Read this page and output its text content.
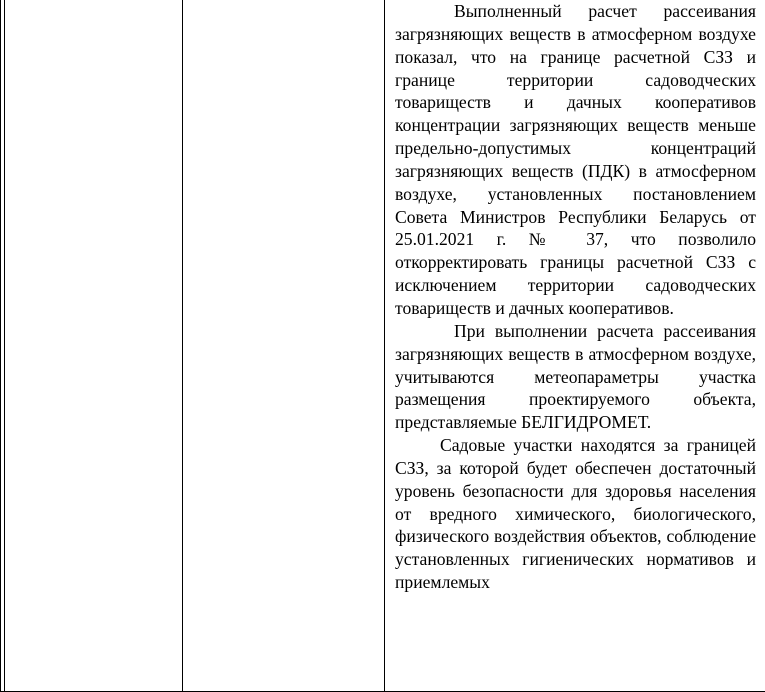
Выполненный расчет рассеивания загрязняющих веществ в атмосферном воздухе показал, что на границе расчетной СЗЗ и границе территории садоводческих товариществ и дачных кооперативов концентрации загрязняющих веществ меньше предельно-допустимых концентраций загрязняющих веществ (ПДК) в атмосферном воздухе, установленных постановлением Совета Министров Республики Беларусь от 25.01.2021 г. № 37, что позволило откорректировать границы расчетной СЗЗ с исключением территории садоводческих товариществ и дачных кооперативов.

При выполнении расчета рассеивания загрязняющих веществ в атмосферном воздухе, учитываются метеопараметры участка размещения проектируемого объекта, представляемые БЕЛГИДРОМЕТ.

Садовые участки находятся за границей СЗЗ, за которой будет обеспечен достаточный уровень безопасности для здоровья населения от вредного химического, биологического, физического воздействия объектов, соблюдение установленных гигиенических нормативов и приемлемых
